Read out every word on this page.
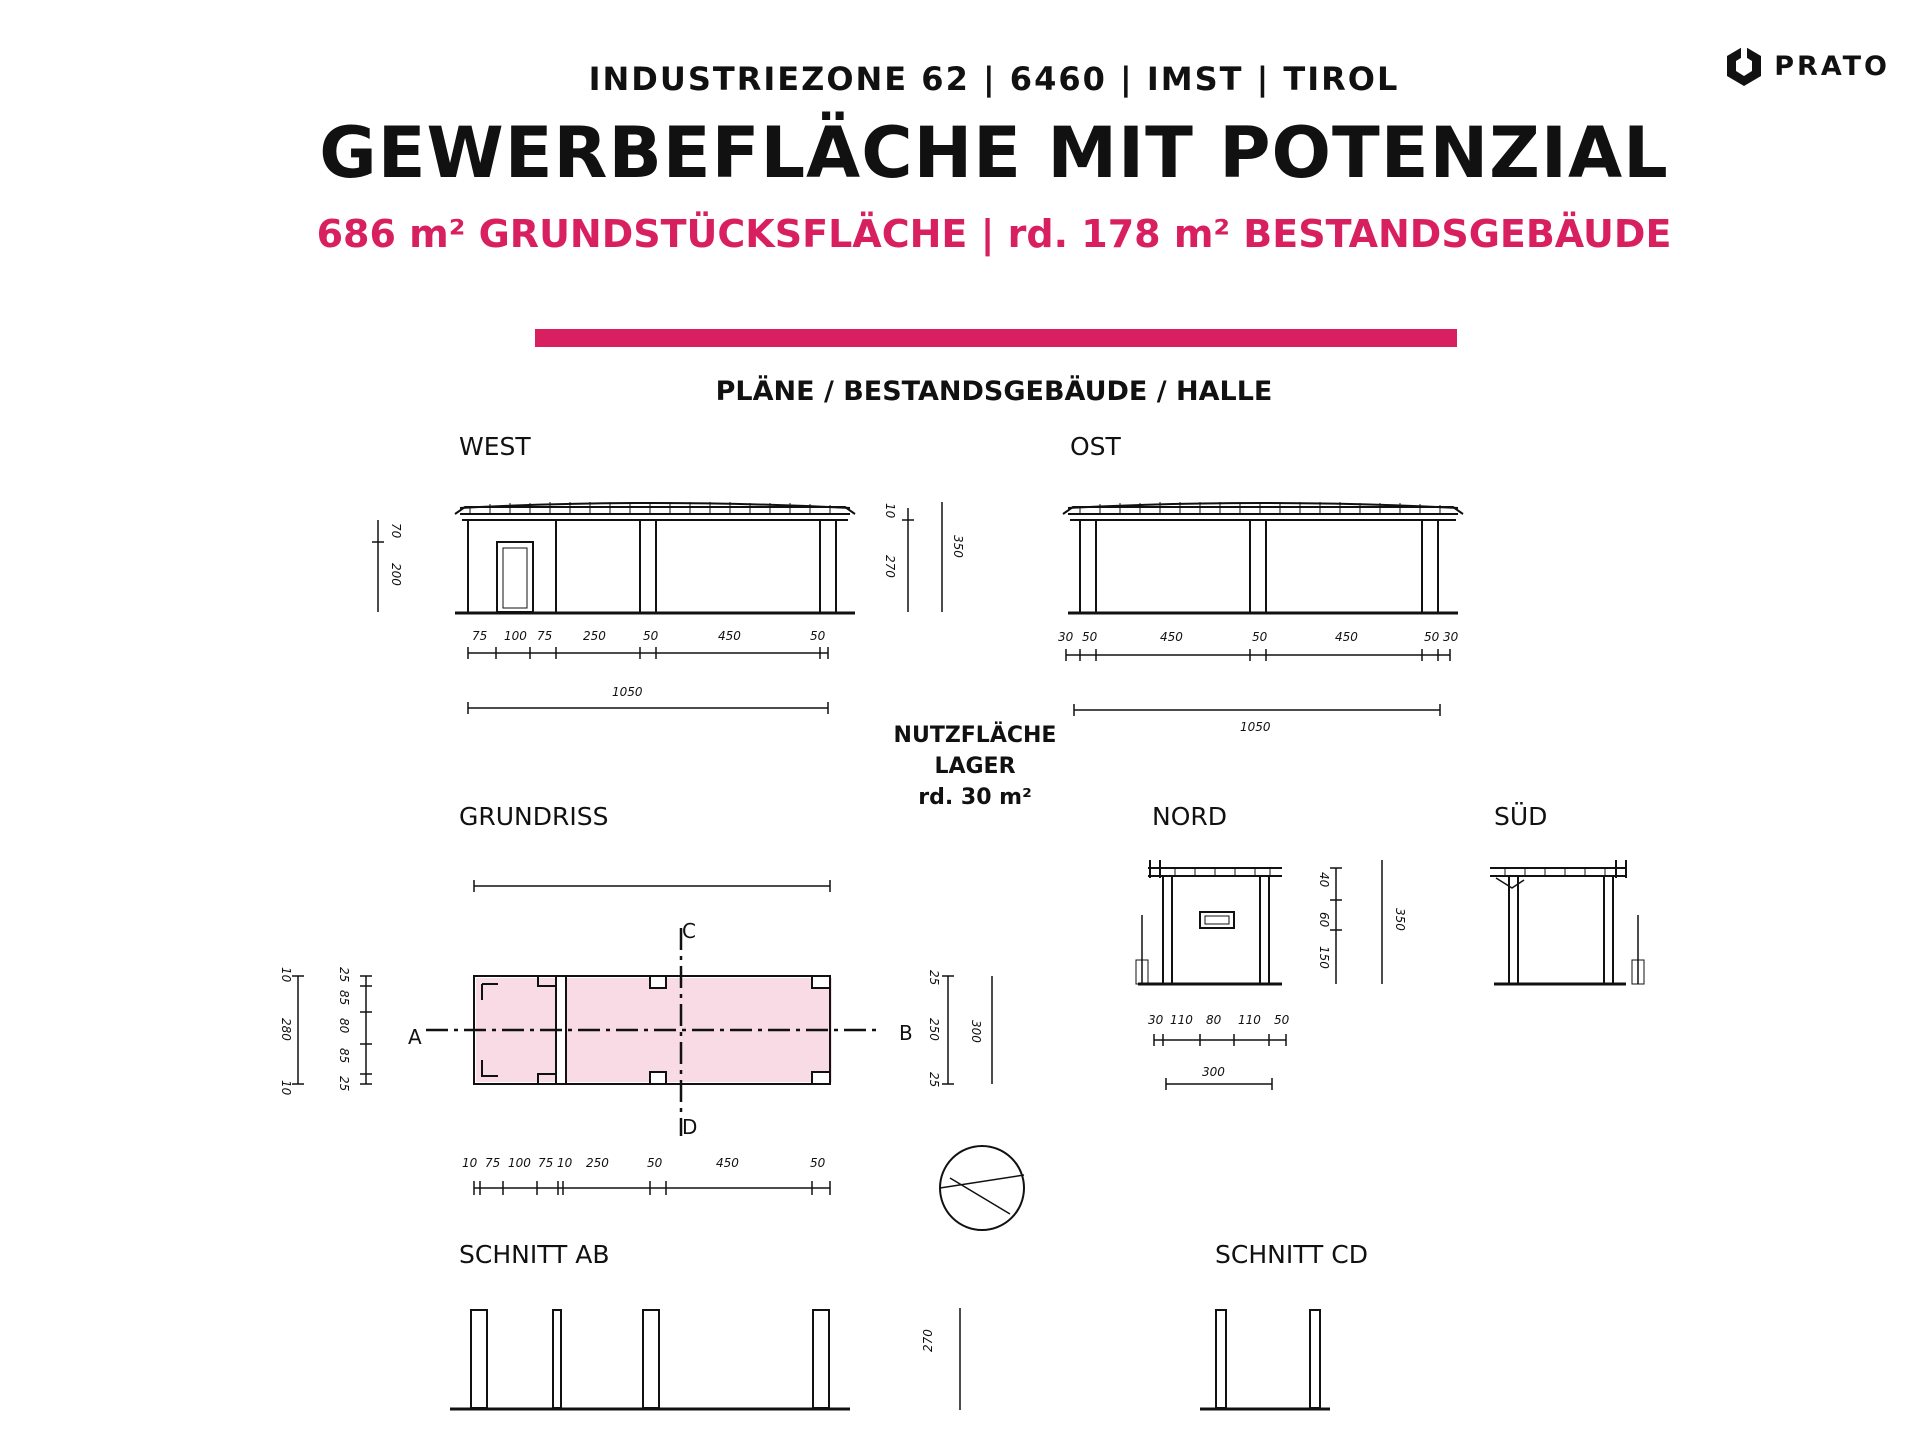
PRATO
INDUSTRIEZONE 62 | 6460 | IMST | TIROL
GEWERBEFLÄCHE MIT POTENZIAL
686 m² GRUNDSTÜCKSFLÄCHE | rd. 178 m² BESTANDSGEBÄUDE
PLÄNE / BESTANDSGEBÄUDE / HALLE
WEST	OST
GRUNDRISS	NORD	SÜD
SCHNITT AB	SCHNITT CD
NUTZFLÄCHE
LAGER
rd. 30 m²
75 100 75	250	50	450	50
1050
70
200
10
270
350
30 50	450	50	450	50 30
1050
10 75 100 75 10 250	50	450	50
10
280
10
25
85
80
85
25
25
250
25
300
A	B
C
D
30 110 80 110 50
300
40
60
150
350
270
